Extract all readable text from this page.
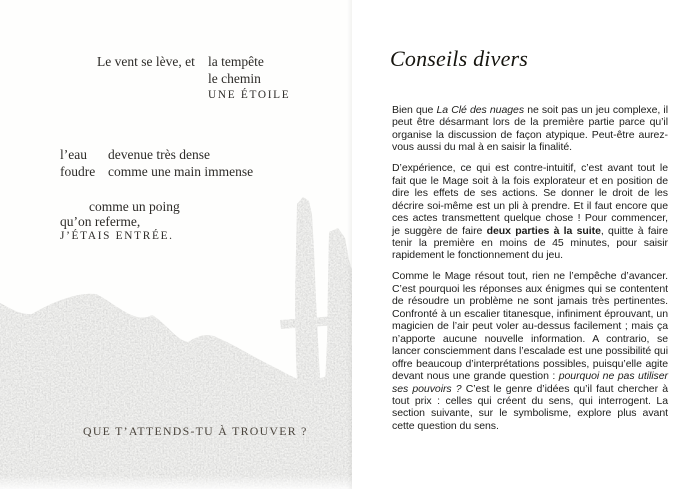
Le vent se lève, et la tempête
le chemin
UNE ÉTOILE
l’eau devenue très dense
foudre comme une main immense
comme un poing
qu’on referme,
J’ÉTAIS ENTRÉE.
QUE T’ATTENDS-TU À TROUVER ?
Conseils divers

Bien que La Clé des nuages ne soit pas un jeu complexe, il peut être désarmant lors de la première partie parce qu’il organise la discussion de façon atypique. Peut-être aurez-vous aussi du mal à en saisir la finalité.

D’expérience, ce qui est contre-intuitif, c’est avant tout le fait que le Mage soit à la fois explorateur et en position de dire les effets de ses actions. Se donner le droit de les décrire soi-même est un pli à prendre. Et il faut encore que ces actes transmettent quelque chose ! Pour commencer, je suggère de faire deux parties à la suite, quitte à faire tenir la première en moins de 45 minutes, pour saisir rapidement le fonctionnement du jeu.

Comme le Mage résout tout, rien ne l’empêche d’avancer. C’est pourquoi les réponses aux énigmes qui se contentent de résoudre un problème ne sont jamais très pertinentes. Confronté à un escalier titanesque, infiniment éprouvant, un magicien de l’air peut voler au-dessus facilement ; mais ça n’apporte aucune nouvelle information. A contrario, se lancer consciemment dans l’escalade est une possibilité qui offre beaucoup d’interprétations possibles, puisqu’elle agite devant nous une grande question : pourquoi ne pas utiliser ses pouvoirs ? C’est le genre d’idées qu’il faut chercher à tout prix : celles qui créent du sens, qui interrogent. La section suivante, sur le symbolisme, explore plus avant cette question du sens.
